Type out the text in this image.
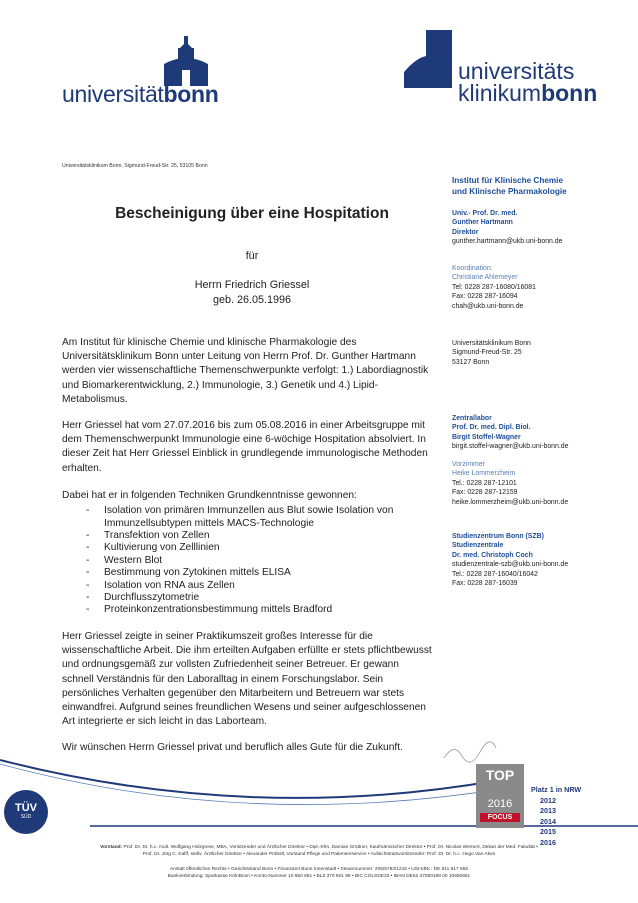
universitätbonn
universitäts
klinikumbonn
Universitätsklinikum Bonn, Sigmund-Freud-Str. 25, 53105 Bonn
Bescheinigung über eine Hospitation
für
Herrn Friedrich Griessel
geb. 26.05.1996

Am Institut für klinische Chemie und klinische Pharmakologie des Universitätsklinikum Bonn unter Leitung von Herrn Prof. Dr. Gunther Hartmann werden vier wissenschaftliche Themenschwerpunkte verfolgt: 1.) Labordiagnostik und Biomarkerentwicklung, 2.) Immunologie, 3.) Genetik und 4.) Lipid-Metabolismus.

Herr Griessel hat vom 27.07.2016 bis zum 05.08.2016 in einer Arbeitsgruppe mit dem Themenschwerpunkt Immunologie eine 6-wöchige Hospitation absolviert. In dieser Zeit hat Herr Griessel Einblick in grundlegende immunologische Methoden erhalten.

Dabei hat er in folgenden Techniken Grundkenntnisse gewonnen:

- Isolation von primären Immunzellen aus Blut sowie Isolation von Immunzellsubtypen mittels MACS-Technologie
- Transfektion von Zellen
- Kultivierung von Zelllinien
- Western Blot
- Bestimmung von Zytokinen mittels ELISA
- Isolation von RNA aus Zellen
- Durchflusszytometrie
- Proteinkonzentrationsbestimmung mittels Bradford

Herr Griessel zeigte in seiner Praktikumszeit großes Interesse für die wissenschaftliche Arbeit. Die ihm erteilten Aufgaben erfüllte er stets pflichtbewusst und ordnungsgemäß zur vollsten Zufriedenheit seiner Betreuer. Er gewann schnell Verständnis für den Laboralltag in einem Forschungslabor. Sein persönliches Verhalten gegenüber den Mitarbeitern und Betreuern war stets einwandfrei. Aufgrund seines freundlichen Wesens und seiner aufgeschlossenen Art integrierte er sich leicht in das Laborteam.

Wir wünschen Herrn Griessel privat und beruflich alles Gute für die Zukunft.

Institut für Klinische Chemie
und Klinische Pharmakologie
Univ.- Prof. Dr. med.
Gunther Hartmann
Direktor
gunther.hartmann@ukb.uni-bonn.de
Koordination:
Christiane Ahlemeyer
Tel: 0228 287-16080/16081
Fax: 0228 287-16094
chah@ukb.uni-bonn.de
Universitätsklinikum Bonn
Sigmund-Freud-Str. 25
53127 Bonn
Zentrallabor
Prof. Dr. med. Dipl. Biol.
Birgit Stoffel-Wagner
birgit.stoffel-wagner@ukb.uni-bonn.de
Vorzimmer
Heike Lommerzheim
Tel.: 0228 287-12101
Fax: 0228 287-12159
heike.lommerzheim@ukb.uni-bonn.de
Studienzentrum Bonn (SZB)
Studienzentrale
Dr. med. Christoph Coch
studienzentrale-szb@ukb.uni-bonn.de
Tel.: 0228 287-16040/16042
Fax: 0228 287-16039
TÜV
SÜD
TOP
2016
FOCUS
Platz 1 in NRW
2012
2013
2014
2015
2016
Vorstand: Prof. Dr. Dr. h.c. mult. Wolfgang Holzgreve, MBA, Vorsitzender und Ärztlicher Direktor • Dipl.-Kfm. Damian Grüttner, Kaufmännischer Direktor • Prof. Dr. Nicolas Wernert, Dekan der Med. Fakultät •
Prof. Dr. Jörg C. Kalff, stellv. Ärztlicher Direktor • Alexander Pröbstl, Vorstand Pflege und Patientenservice • Aufsichtsratsvorsitzender: Prof. Dr. Dr. h.c. Hugo Van Aken
Anstalt öffentlichen Rechts • Gerichtsstand Bonn • Finanzamt Bonn Innenstadt • Steuernummer: 205/5783/1215 • USt-IdNr.: DE 811 917 555
Bankverbindung: Sparkasse KölnBonn • Konto-Nummer 10 650 661 • BLZ 370 501 98 • BIC COLSDE33 • IBAN DE52 37050198 00 10650661
